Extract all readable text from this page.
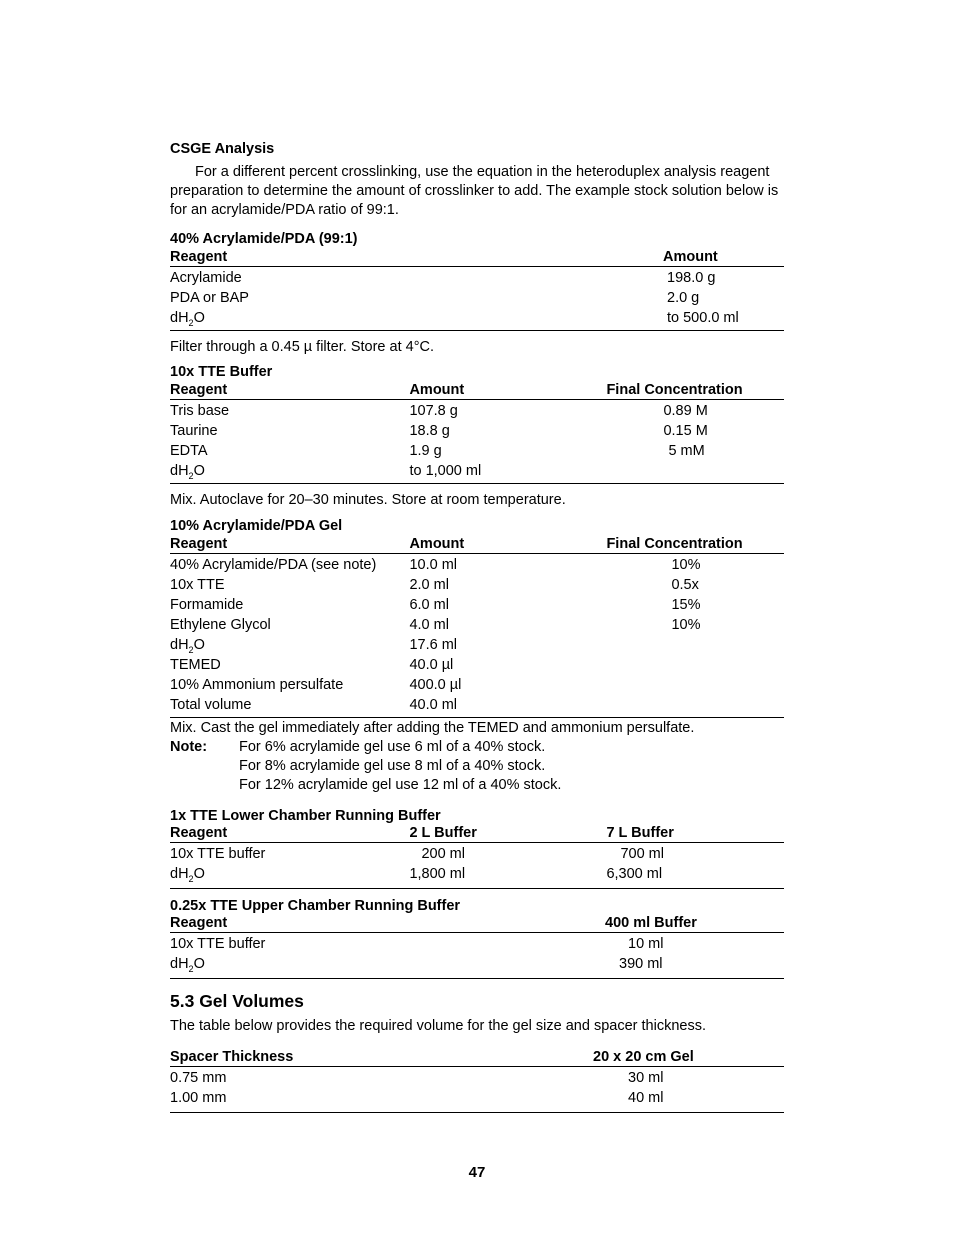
CSGE Analysis

For a different percent crosslinking, use the equation in the heteroduplex analysis reagent preparation to determine the amount of crosslinker to add. The example stock solution below is for an acrylamide/PDA ratio of 99:1.

40% Acrylamide/PDA (99:1)
Reagent	Amount
Acrylamide	198.0 g
PDA or BAP	2.0 g
$dH_2O$	to 500.0 ml
Filter through a 0.45 µ filter. Store at 4°C.
10x TTE Buffer
Reagent	Amount	Final Concentration
Tris base	107.8 g	0.89 M
Taurine	18.8 g	0.15 M
EDTA	1.9 g	5 mM
$dH_2O$	to 1,000 ml	
Mix. Autoclave for 20–30 minutes. Store at room temperature.
10% Acrylamide/PDA Gel
Reagent	Amount	Final Concentration
40% Acrylamide/PDA (see note)	10.0 ml	10%
10x TTE	2.0 ml	0.5x
Formamide	6.0 ml	15%
Ethylene Glycol	4.0 ml	10%
$dH_2O$	17.6 ml	
TEMED	40.0 µl	
10% Ammonium persulfate	400.0 µl	
Total volume	40.0 ml	
Mix. Cast the gel immediately after adding the TEMED and ammonium persulfate.
Note:	For 6% acrylamide gel use 6 ml of a 40% stock.
For 8% acrylamide gel use 8 ml of a 40% stock.
For 12% acrylamide gel use 12 ml of a 40% stock.
1x TTE Lower Chamber Running Buffer
Reagent	2 L Buffer	7 L Buffer
10x TTE buffer	200 ml	700 ml
$dH_2O$	1,800 ml	6,300 ml
0.25x TTE Upper Chamber Running Buffer
Reagent	400 ml Buffer
10x TTE buffer	10 ml
$dH_2O$	390 ml
5.3 Gel Volumes
The table below provides the required volume for the gel size and spacer thickness.
Spacer Thickness	20 x 20 cm Gel
0.75 mm	30 ml
1.00 mm	40 ml
47
